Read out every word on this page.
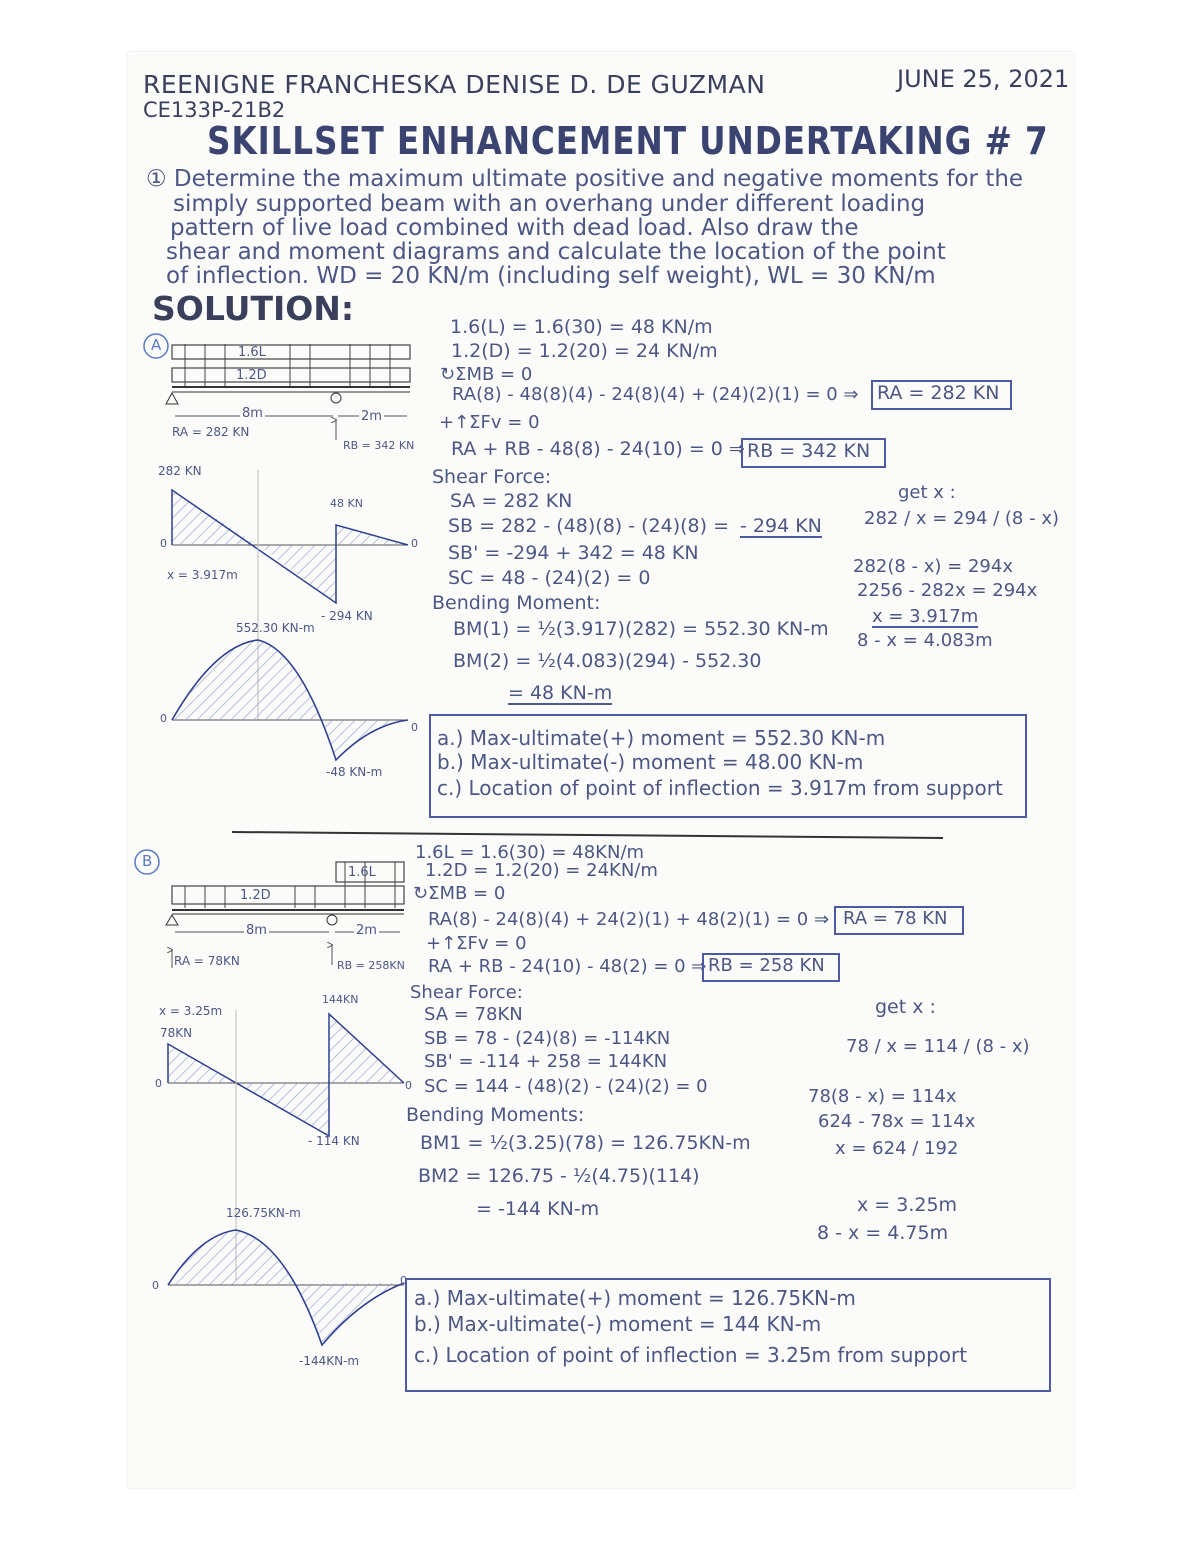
REENIGNE FRANCHESKA DENISE D. DE GUZMAN
CE133P-21B2
JUNE 25, 2021
SKILLSET ENHANCEMENT UNDERTAKING # 7
① Determine the maximum ultimate positive and negative moments for the
simply supported beam with an overhang under different loading
pattern of live load combined with dead load. Also draw the
shear and moment diagrams and calculate the location of the point
of inflection. WD = 20 KN/m (including self weight), WL = 30 KN/m
SOLUTION:
A	1.6L
1.2D
8m	2m
RA = 282 KN
RB = 342 KN
282 KN
48 KN
0	0
x = 3.917m
- 294 KN
552.30 KN-m
0
0
-48 KN-m
1.6(L) = 1.6(30) = 48 KN/m
1.2(D) = 1.2(20) = 24 KN/m
↻ΣMB = 0
RA(8) - 48(8)(4) - 24(8)(4) + (24)(2)(1) = 0 ⇒ RA = 282 KN
+↑ΣFv = 0
RA + RB - 48(8) - 24(10) = 0 ⇒ RB = 342 KN
Shear Force:
SA = 282 KN
SB = 282 - (48)(8) - (24)(8) = - 294 KN
SB' = -294 + 342 = 48 KN
SC = 48 - (24)(2) = 0
Bending Moment:
BM(1) = ½(3.917)(282) = 552.30 KN-m
BM(2) = ½(4.083)(294) - 552.30
= 48 KN-m
get x :
282 / x = 294 / (8 - x)
282(8 - x) = 294x
2256 - 282x = 294x
x = 3.917m
8 - x = 4.083m
a.) Max-ultimate(+) moment = 552.30 KN-m
b.) Max-ultimate(-) moment = 48.00 KN-m
c.) Location of point of inflection = 3.917m from support
B
1.6L
1.2D
8m	2m
RA = 78KN	RB = 258KN
144KN
x = 3.25m
78KN
0	0
- 114 KN
126.75KN-m
0	0
-144KN-m
1.6L = 1.6(30) = 48KN/m
1.2D = 1.2(20) = 24KN/m
↻ΣMB = 0
RA(8) - 24(8)(4) + 24(2)(1) + 48(2)(1) = 0 ⇒ RA = 78 KN
+↑ΣFv = 0
RA + RB - 24(10) - 48(2) = 0 ⇒ RB = 258 KN
Shear Force:
SA = 78KN
SB = 78 - (24)(8) = -114KN
SB' = -114 + 258 = 144KN
SC = 144 - (48)(2) - (24)(2) = 0
Bending Moments:
BM1 = ½(3.25)(78) = 126.75KN-m
BM2 = 126.75 - ½(4.75)(114)
= -144 KN-m
get x :
78 / x = 114 / (8 - x)
78(8 - x) = 114x
624 - 78x = 114x
x = 624 / 192
x = 3.25m
8 - x = 4.75m
a.) Max-ultimate(+) moment = 126.75KN-m
b.) Max-ultimate(-) moment = 144 KN-m
c.) Location of point of inflection = 3.25m from support
